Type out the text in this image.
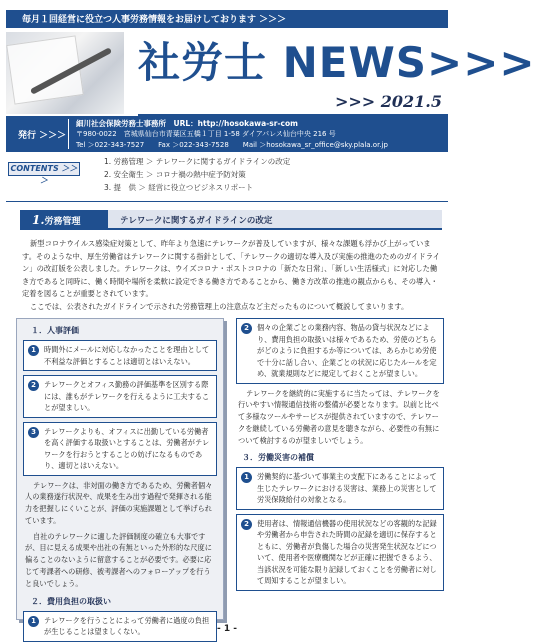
毎月１回経営に役立つ人事労務情報をお届けしております ＞＞＞
社労士 NEWS>>>
>>> 2021.5
発行 ＞＞＞
細川社会保険労務士事務所　URL：http://hosokawa-sr-com
〒980-0022　宮城県仙台市青葉区五橋１丁目 1-58 ダイアパレス仙台中央 216 号
Tel ＞022-343-7527　　Fax ＞022-343-7528　　Mail ＞hosokawa_sr_office@sky.plala.or.jp
CONTENTS ＞＞＞
1. 労務管理 ＞ テレワークに関するガイドラインの改定
2. 安全衛生 ＞ コロナ禍の熱中症予防対策
3. 提　供 ＞ 経営に役立つビジネスリポート
1.労務管理	テレワークに関するガイドラインの改定

新型コロナウイルス感染症対策として、昨年より急速にテレワークが普及していますが、様々な課題も浮かび上がっています。そのような中、厚生労働省はテレワークに関する指針として、「テレワークの適切な導入及び実施の推進のためのガイドライン」の改訂版を公表しました。テレワークは、ウイズコロナ・ポストコロナの「新たな日常」、「新しい生活様式」に対応した働き方であると同時に、働く時間や場所を柔軟に設定できる働き方であることから、働き方改革の推進の観点からも、その導入・定着を図ることが重要とされています。

ここでは、公表されたガイドラインで示された労務管理上の注意点など主だったものについて概説してまいります。

１．人事評価
1	時間外にメールに対応しなかったことを理由として不利益な評価とすることは適切とはいえない。
2	テレワークとオフィス勤務の評価基準を区別する際には、誰もがテレワークを行えるように工夫することが望ましい。
3	テレワークよりも、オフィスに出勤している労働者を高く評価する取扱いとすることは、労働者がテレワークを行おうとすることの妨げになるものであり、適切とはいえない。

テレワークは、非対面の働き方であるため、労働者個々人の業務遂行状況や、成果を生み出す過程で発揮される能力を把握しにくいことが、評価の実施課題として挙げられています。

自社のテレワークに適した評価制度の確立も大事ですが、目に見える成果や出社の有無といった外形的な尺度に偏ることのないように留意することが必要です。必要に応じて考課者への研修、被考課者へのフォローアップを行うと良いでしょう。

２．費用負担の取扱い
1	テレワークを行うことによって労働者に過度の負担が生じることは望ましくない。
2	個々の企業ごとの業務内容、物品の貸与状況などにより、費用負担の取扱いは様々であるため、労使のどちらがどのように負担するか等については、あらかじめ労使で十分に話し合い、企業ごとの状況に応じたルールを定め、就業規則などに規定しておくことが望ましい。

テレワークを継続的に実施するに当たっては、テレワークを行いやすい情報通信技術の整備が必要となります。以前と比べて多様なツールやサービスが提供されていますので、テレワークを継続している労働者の意見を聴きながら、必要性の有無について検討するのが望ましいでしょう。

３．労働災害の補償
1	労働契約に基づいて事業主の支配下にあることによって生じたテレワークにおける災害は、業務上の災害として労災保険給付の対象となる。
2	使用者は、情報通信機器の使用状況などの客観的な記録や労働者から申告された時間の記録を適切に保存するとともに、労働者が負傷した場合の災害発生状況などについて、使用者や医療機関などが正確に把握できるよう、当該状況を可能な限り記録しておくことを労働者に対して周知することが望ましい。
- 1 -
